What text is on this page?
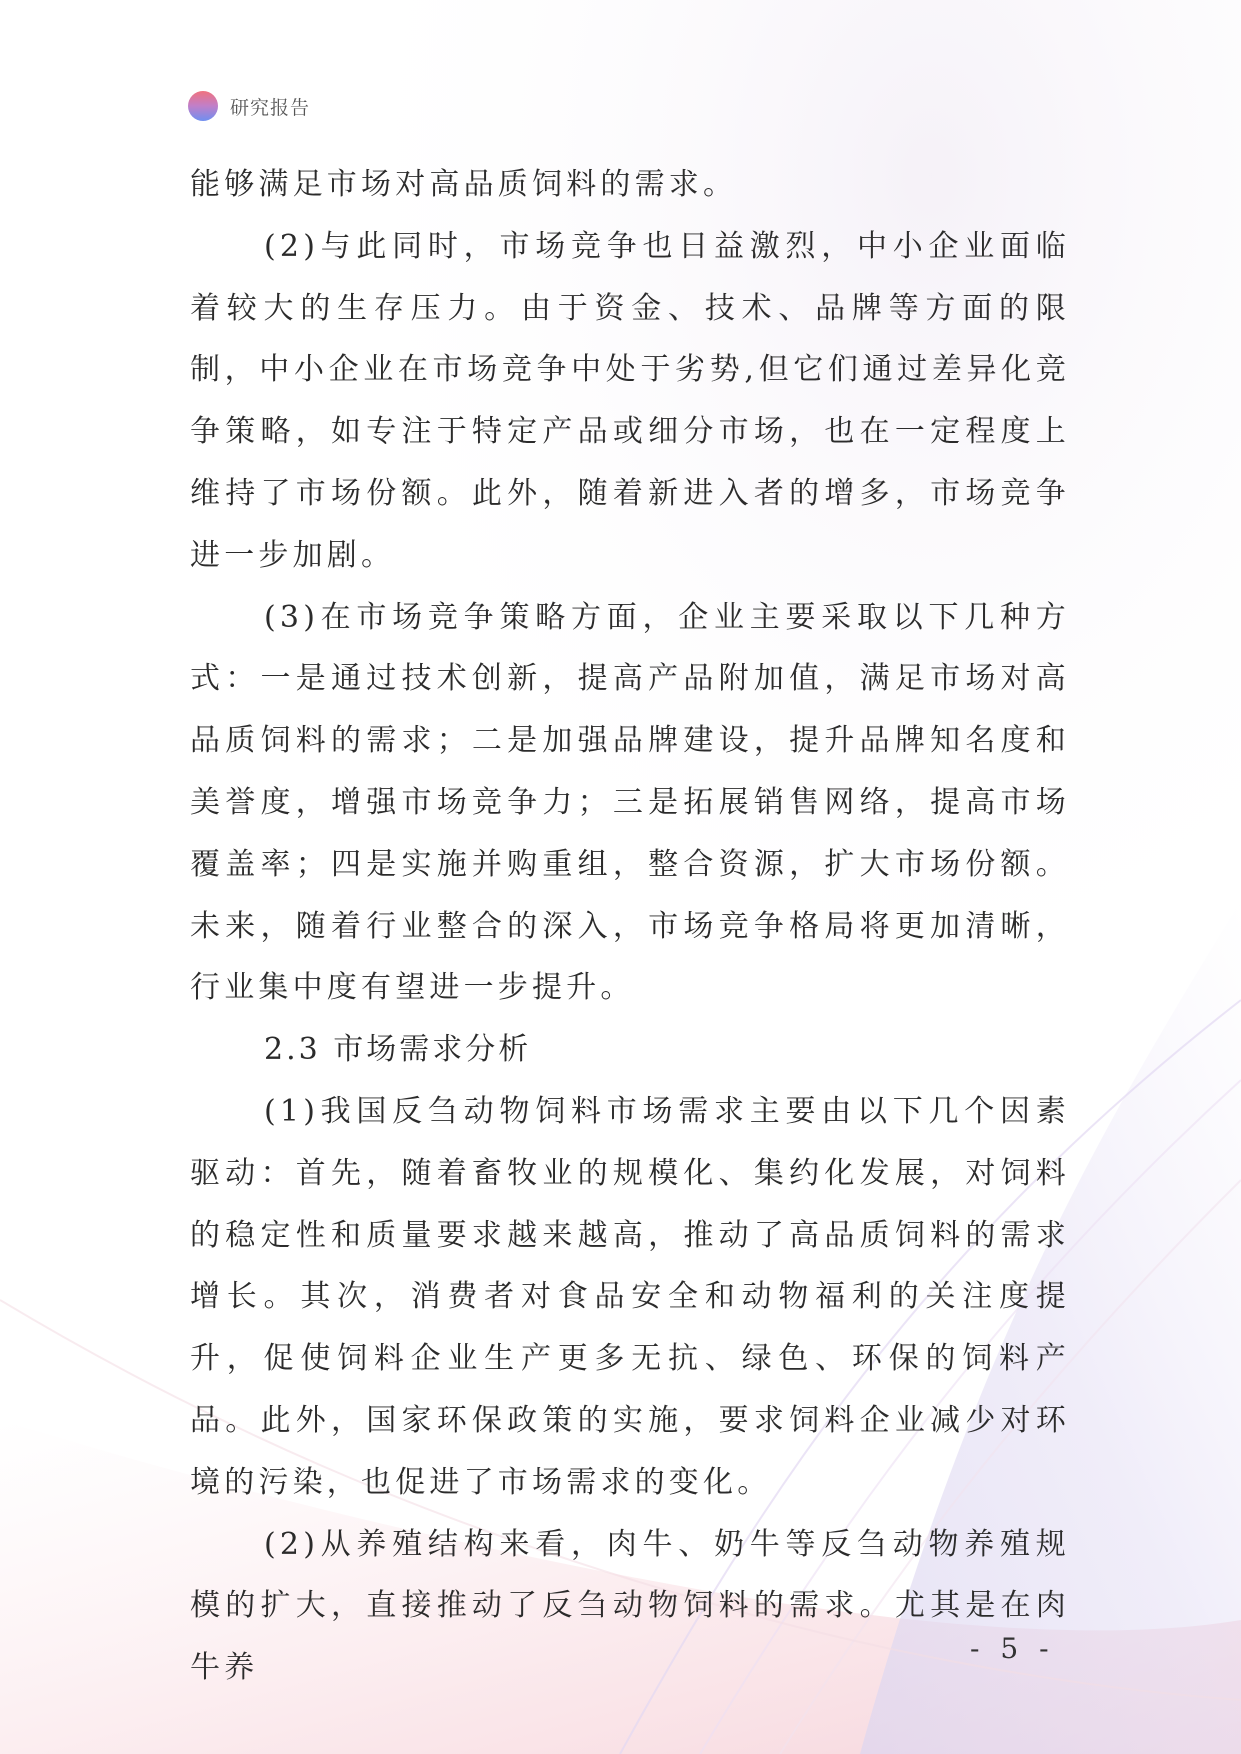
研究报告

能够满足市场对高品质饲料的需求。

(2)与此同时，市场竞争也日益激烈，中小企业面临着较大的生存压力。由于资金、技术、品牌等方面的限制，中小企业在市场竞争中处于劣势,但它们通过差异化竞争策略，如专注于特定产品或细分市场，也在一定程度上维持了市场份额。此外，随着新进入者的增多，市场竞争进一步加剧。

(3)在市场竞争策略方面，企业主要采取以下几种方式：一是通过技术创新，提高产品附加值，满足市场对高品质饲料的需求；二是加强品牌建设，提升品牌知名度和美誉度，增强市场竞争力；三是拓展销售网络，提高市场覆盖率；四是实施并购重组，整合资源，扩大市场份额。未来，随着行业整合的深入，市场竞争格局将更加清晰，行业集中度有望进一步提升。

2.3 市场需求分析

(1)我国反刍动物饲料市场需求主要由以下几个因素驱动：首先，随着畜牧业的规模化、集约化发展，对饲料的稳定性和质量要求越来越高，推动了高品质饲料的需求增长。其次，消费者对食品安全和动物福利的关注度提升，促使饲料企业生产更多无抗、绿色、环保的饲料产品。此外，国家环保政策的实施，要求饲料企业减少对环境的污染，也促进了市场需求的变化。

(2)从养殖结构来看，肉牛、奶牛等反刍动物养殖规模的扩大，直接推动了反刍动物饲料的需求。尤其是在肉牛养

- 5 -
